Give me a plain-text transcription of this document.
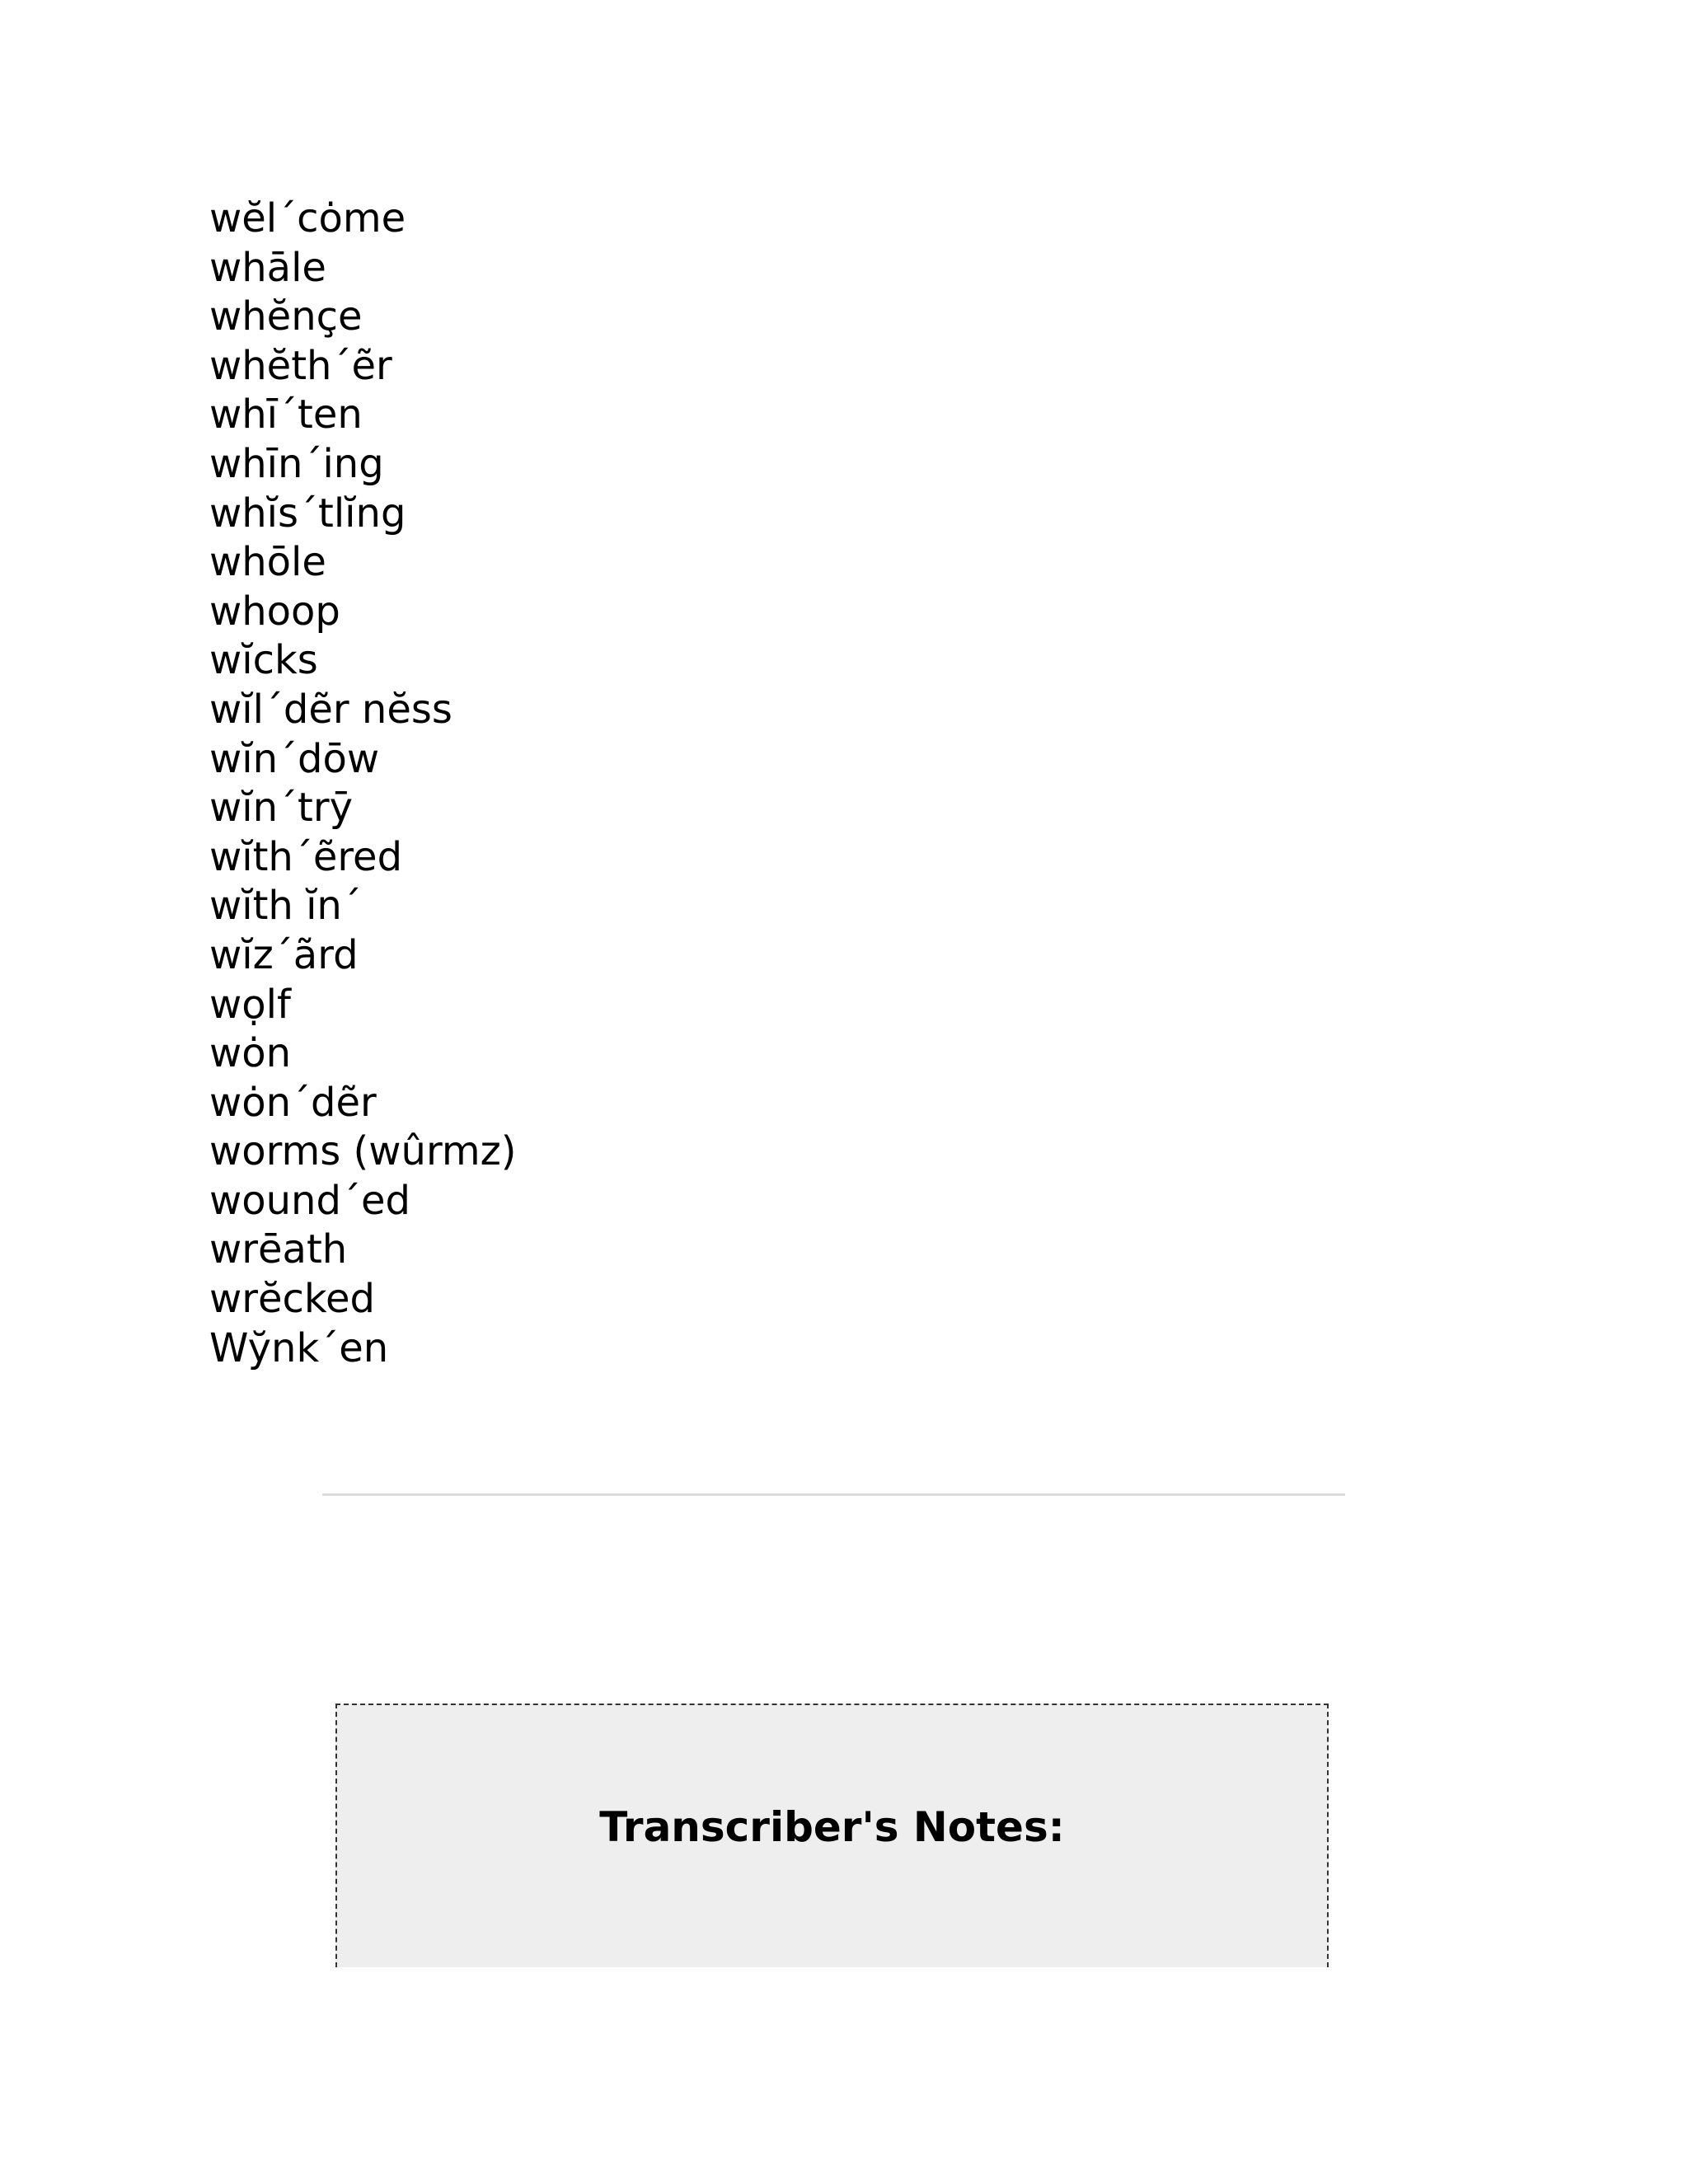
wĕl´cȯme
whāle
whĕnçe
whĕth´ẽr
whī´ten
whīn´ing
whĭs´tlĭng
whōle
whoop
wĭcks
wĭl´dẽr nĕss
wĭn´dōw
wĭn´trȳ
wĭth´ẽred
wĭth ĭn´
wĭz´ãrd
wọlf
wȯn
wȯn´dẽr
worms (wûrmz)
wound´ed
wrēath
wrĕcked
Wy̆nk´en
Transcriber's Notes:
